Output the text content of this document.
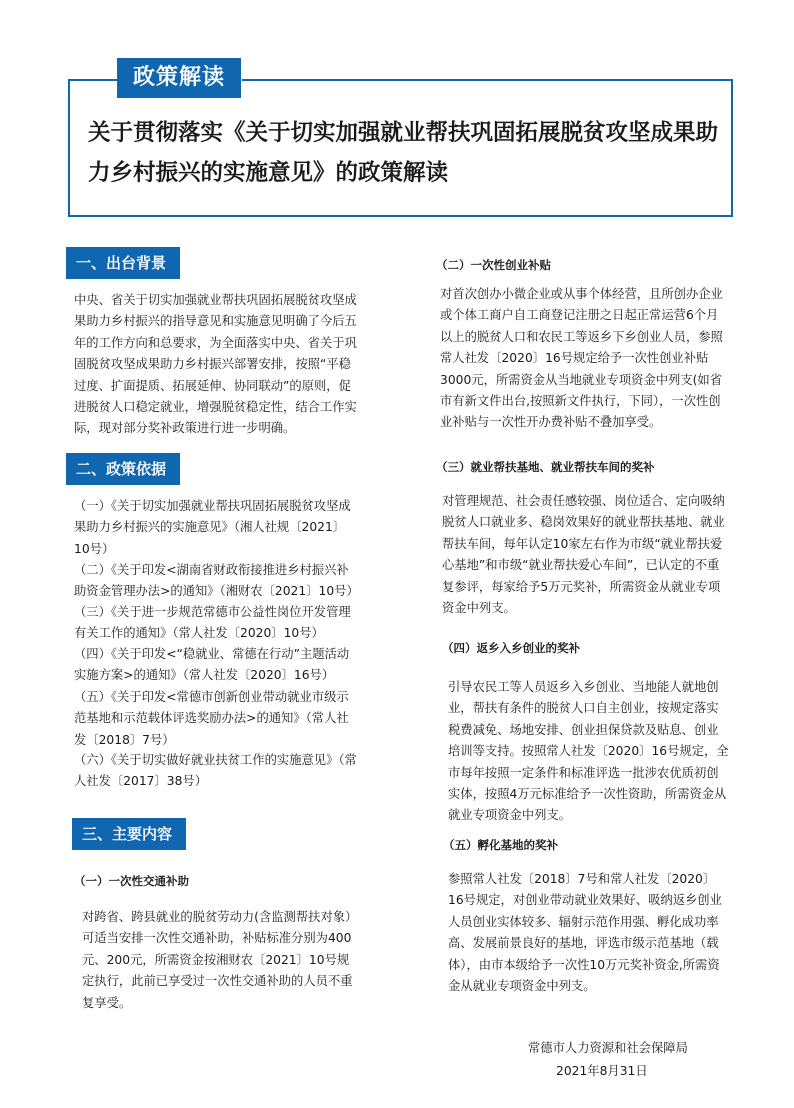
政策解读
关于贯彻落实《关于切实加强就业帮扶巩固拓展脱贫攻坚成果助力乡村振兴的实施意见》的政策解读
一、出台背景
中央、省关于切实加强就业帮扶巩固拓展脱贫攻坚成果助力乡村振兴的指导意见和实施意见明确了今后五年的工作方向和总要求，为全面落实中央、省关于巩固脱贫攻坚成果助力乡村振兴部署安排，按照“平稳过度、扩面提质、拓展延伸、协同联动”的原则，促进脱贫人口稳定就业，增强脱贫稳定性，结合工作实际，现对部分奖补政策进行进一步明确。
二、政策依据
（一）《关于切实加强就业帮扶巩固拓展脱贫攻坚成果助力乡村振兴的实施意见》（湘人社规〔2021〕10号）
（二）《关于印发<湖南省财政衔接推进乡村振兴补助资金管理办法>的通知》（湘财农〔2021〕10号）
（三）《关于进一步规范常德市公益性岗位开发管理有关工作的通知》（常人社发〔2020〕10号）
（四）《关于印发<“稳就业、常德在行动”主题活动实施方案>的通知》（常人社发〔2020〕16号）
（五）《关于印发<常德市创新创业带动就业市级示范基地和示范载体评选奖励办法>的通知》（常人社发〔2018〕7号）
（六）《关于切实做好就业扶贫工作的实施意见》（常人社发〔2017〕38号）
三、主要内容
（一）一次性交通补助
对跨省、跨县就业的脱贫劳动力(含监测帮扶对象）可适当安排一次性交通补助，补贴标准分别为400元、200元，所需资金按湘财农〔2021〕10号规定执行，此前已享受过一次性交通补助的人员不重复享受。
（二）一次性创业补贴
对首次创办小微企业或从事个体经营，且所创办企业或个体工商户自工商登记注册之日起正常运营6个月以上的脱贫人口和农民工等返乡下乡创业人员，参照常人社发〔2020〕16号规定给予一次性创业补贴3000元，所需资金从当地就业专项资金中列支(如省市有新文件出台,按照新文件执行，下同），一次性创业补贴与一次性开办费补贴不叠加享受。
（三）就业帮扶基地、就业帮扶车间的奖补
对管理规范、社会责任感较强、岗位适合、定向吸纳脱贫人口就业多、稳岗效果好的就业帮扶基地、就业帮扶车间，每年认定10家左右作为市级“就业帮扶爱心基地”和市级“就业帮扶爱心车间”，已认定的不重复参评，每家给予5万元奖补，所需资金从就业专项资金中列支。
（四）返乡入乡创业的奖补
引导农民工等人员返乡入乡创业、当地能人就地创业，帮扶有条件的脱贫人口自主创业，按规定落实税费减免、场地安排、创业担保贷款及贴息、创业培训等支持。按照常人社发〔2020〕16号规定，全市每年按照一定条件和标准评选一批涉农优质初创实体，按照4万元标准给予一次性资助，所需资金从就业专项资金中列支。
（五）孵化基地的奖补
参照常人社发〔2018〕7号和常人社发〔2020〕16号规定，对创业带动就业效果好、吸纳返乡创业人员创业实体较多、辐射示范作用强、孵化成功率高、发展前景良好的基地，评选市级示范基地（载体），由市本级给予一次性10万元奖补资金,所需资金从就业专项资金中列支。
常德市人力资源和社会保障局
2021年8月31日
